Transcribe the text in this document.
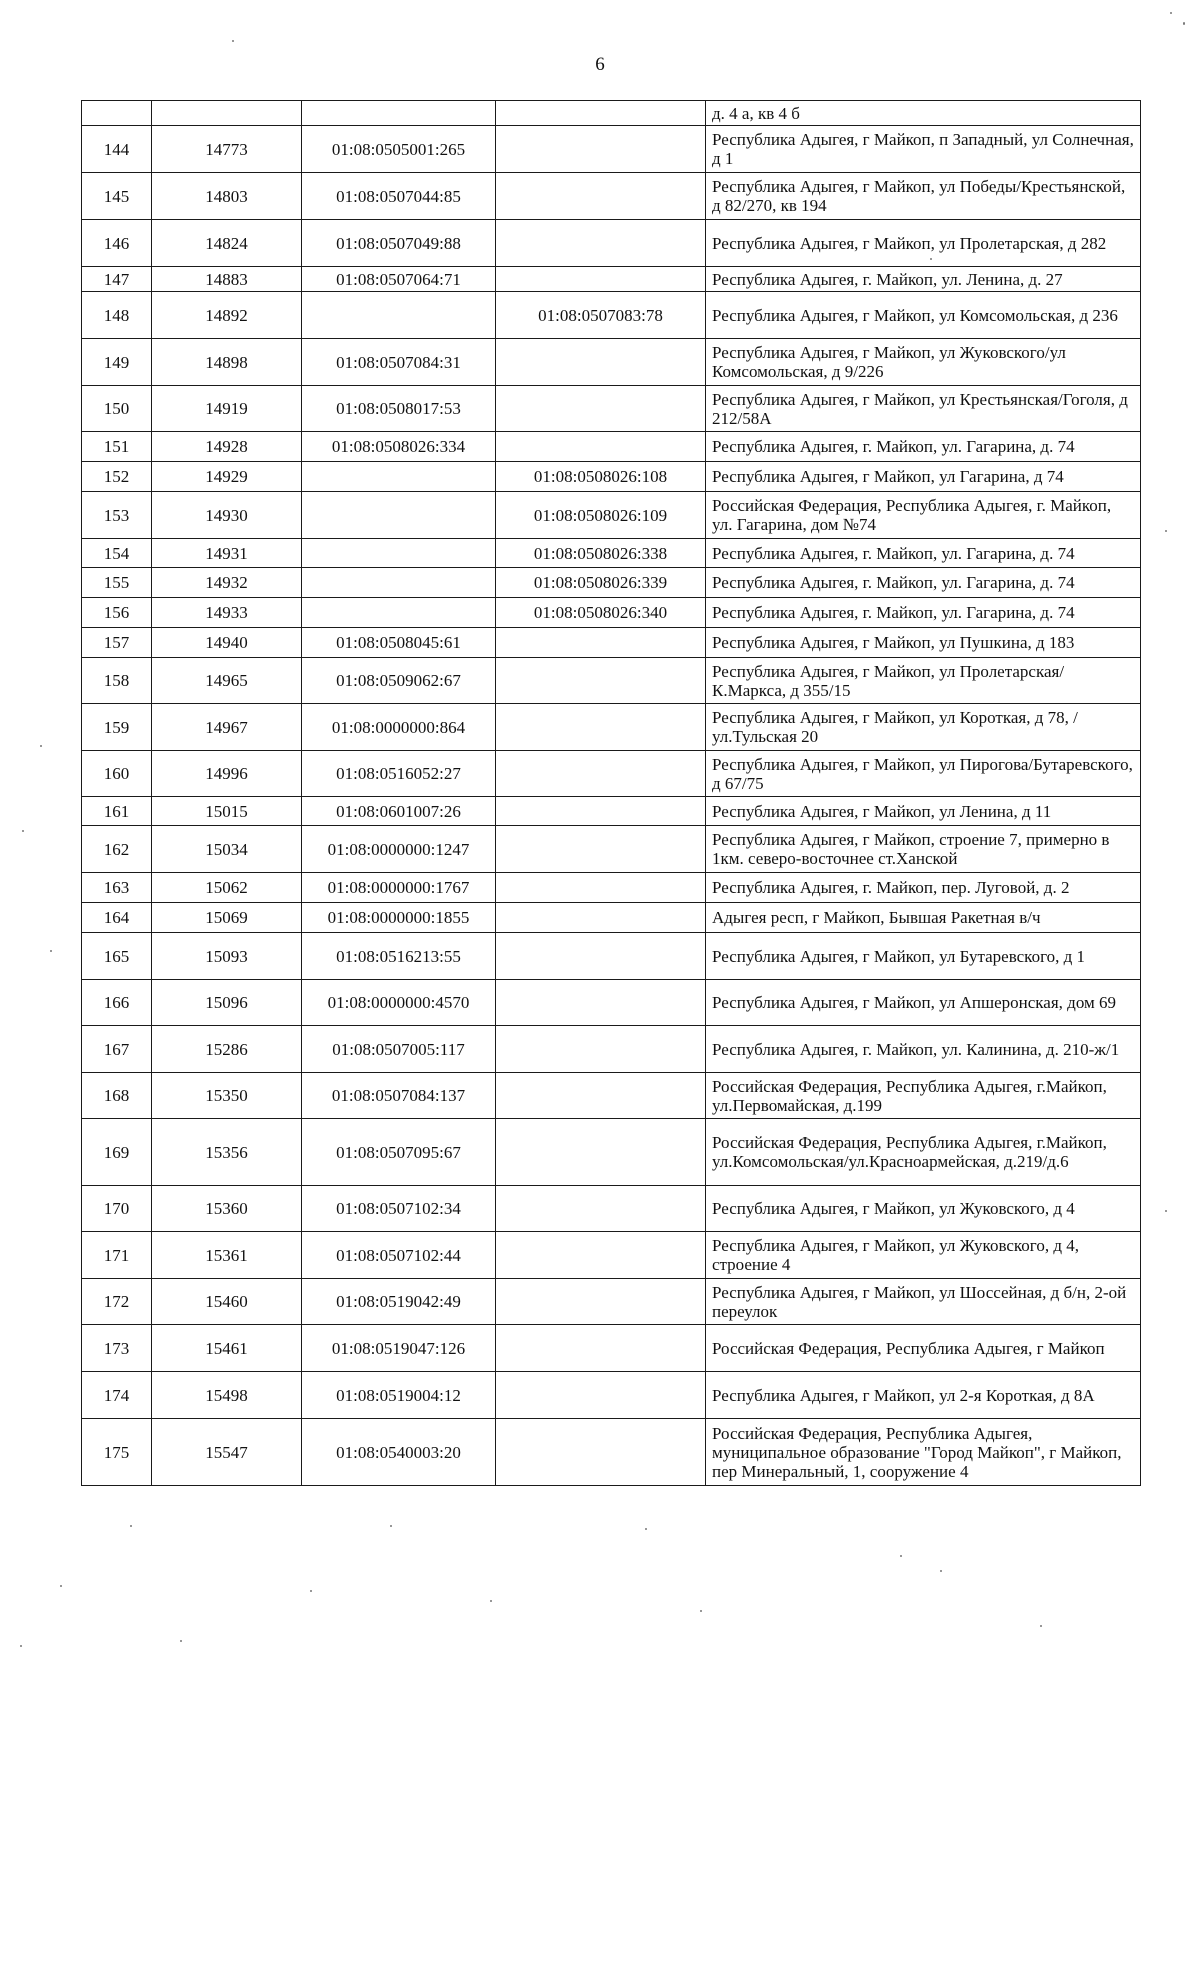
6
				д. 4 а, кв 4 б
144	14773	01:08:0505001:265		Республика Адыгея, г Майкоп, п Западный, ул Солнечная, д 1
145	14803	01:08:0507044:85		Республика Адыгея, г Майкоп, ул Победы/Крестьянской, д 82/270, кв 194
146	14824	01:08:0507049:88		Республика Адыгея, г Майкоп, ул Пролетарская, д 282
147	14883	01:08:0507064:71		Республика Адыгея, г. Майкоп, ул. Ленина, д. 27
148	14892		01:08:0507083:78	Республика Адыгея, г Майкоп, ул Комсомольская, д 236
149	14898	01:08:0507084:31		Республика Адыгея, г Майкоп, ул Жуковского/ул Комсомольская, д 9/226
150	14919	01:08:0508017:53		Республика Адыгея, г Майкоп, ул Крестьянская/Гоголя, д 212/58А
151	14928	01:08:0508026:334		Республика Адыгея, г. Майкоп, ул. Гагарина, д. 74
152	14929		01:08:0508026:108	Республика Адыгея, г Майкоп, ул Гагарина, д 74
153	14930		01:08:0508026:109	Российская Федерация, Республика Адыгея, г. Майкоп, ул. Гагарина, дом №74
154	14931		01:08:0508026:338	Республика Адыгея, г. Майкоп, ул. Гагарина, д. 74
155	14932		01:08:0508026:339	Республика Адыгея, г. Майкоп, ул. Гагарина, д. 74
156	14933		01:08:0508026:340	Республика Адыгея, г. Майкоп, ул. Гагарина, д. 74
157	14940	01:08:0508045:61		Республика Адыгея, г Майкоп, ул Пушкина, д 183
158	14965	01:08:0509062:67		Республика Адыгея, г Майкоп, ул Пролетарская/К.Маркса, д 355/15
159	14967	01:08:0000000:864		Республика Адыгея, г Майкоп, ул Короткая, д 78, /ул.Тульская 20
160	14996	01:08:0516052:27		Республика Адыгея, г Майкоп, ул Пирогова/Бутаревского, д 67/75
161	15015	01:08:0601007:26		Республика Адыгея, г Майкоп, ул Ленина, д 11
162	15034	01:08:0000000:1247		Республика Адыгея, г Майкоп, строение 7, примерно в 1км. северо-восточнее ст.Ханской
163	15062	01:08:0000000:1767		Республика Адыгея, г. Майкоп, пер. Луговой, д. 2
164	15069	01:08:0000000:1855		Адыгея респ, г Майкоп, Бывшая Ракетная в/ч
165	15093	01:08:0516213:55		Республика Адыгея, г Майкоп, ул Бутаревского, д 1
166	15096	01:08:0000000:4570		Республика Адыгея, г Майкоп, ул Апшеронская, дом 69
167	15286	01:08:0507005:117		Республика Адыгея, г. Майкоп, ул. Калинина, д. 210-ж/1
168	15350	01:08:0507084:137		Российская Федерация, Республика Адыгея, г.Майкоп, ул.Первомайская, д.199
169	15356	01:08:0507095:67		Российская Федерация, Республика Адыгея, г.Майкоп, ул.Комсомольская/ул.Красноармейская, д.219/д.6
170	15360	01:08:0507102:34		Республика Адыгея, г Майкоп, ул Жуковского, д 4
171	15361	01:08:0507102:44		Республика Адыгея, г Майкоп, ул Жуковского, д 4, строение 4
172	15460	01:08:0519042:49		Республика Адыгея, г Майкоп, ул Шоссейная, д б/н, 2-ой переулок
173	15461	01:08:0519047:126		Российская Федерация, Республика Адыгея, г Майкоп
174	15498	01:08:0519004:12		Республика Адыгея, г Майкоп, ул 2-я Короткая, д 8А
175	15547	01:08:0540003:20		Российская Федерация, Республика Адыгея, муниципальное образование "Город Майкоп", г Майкоп, пер Минеральный, 1, сооружение 4
